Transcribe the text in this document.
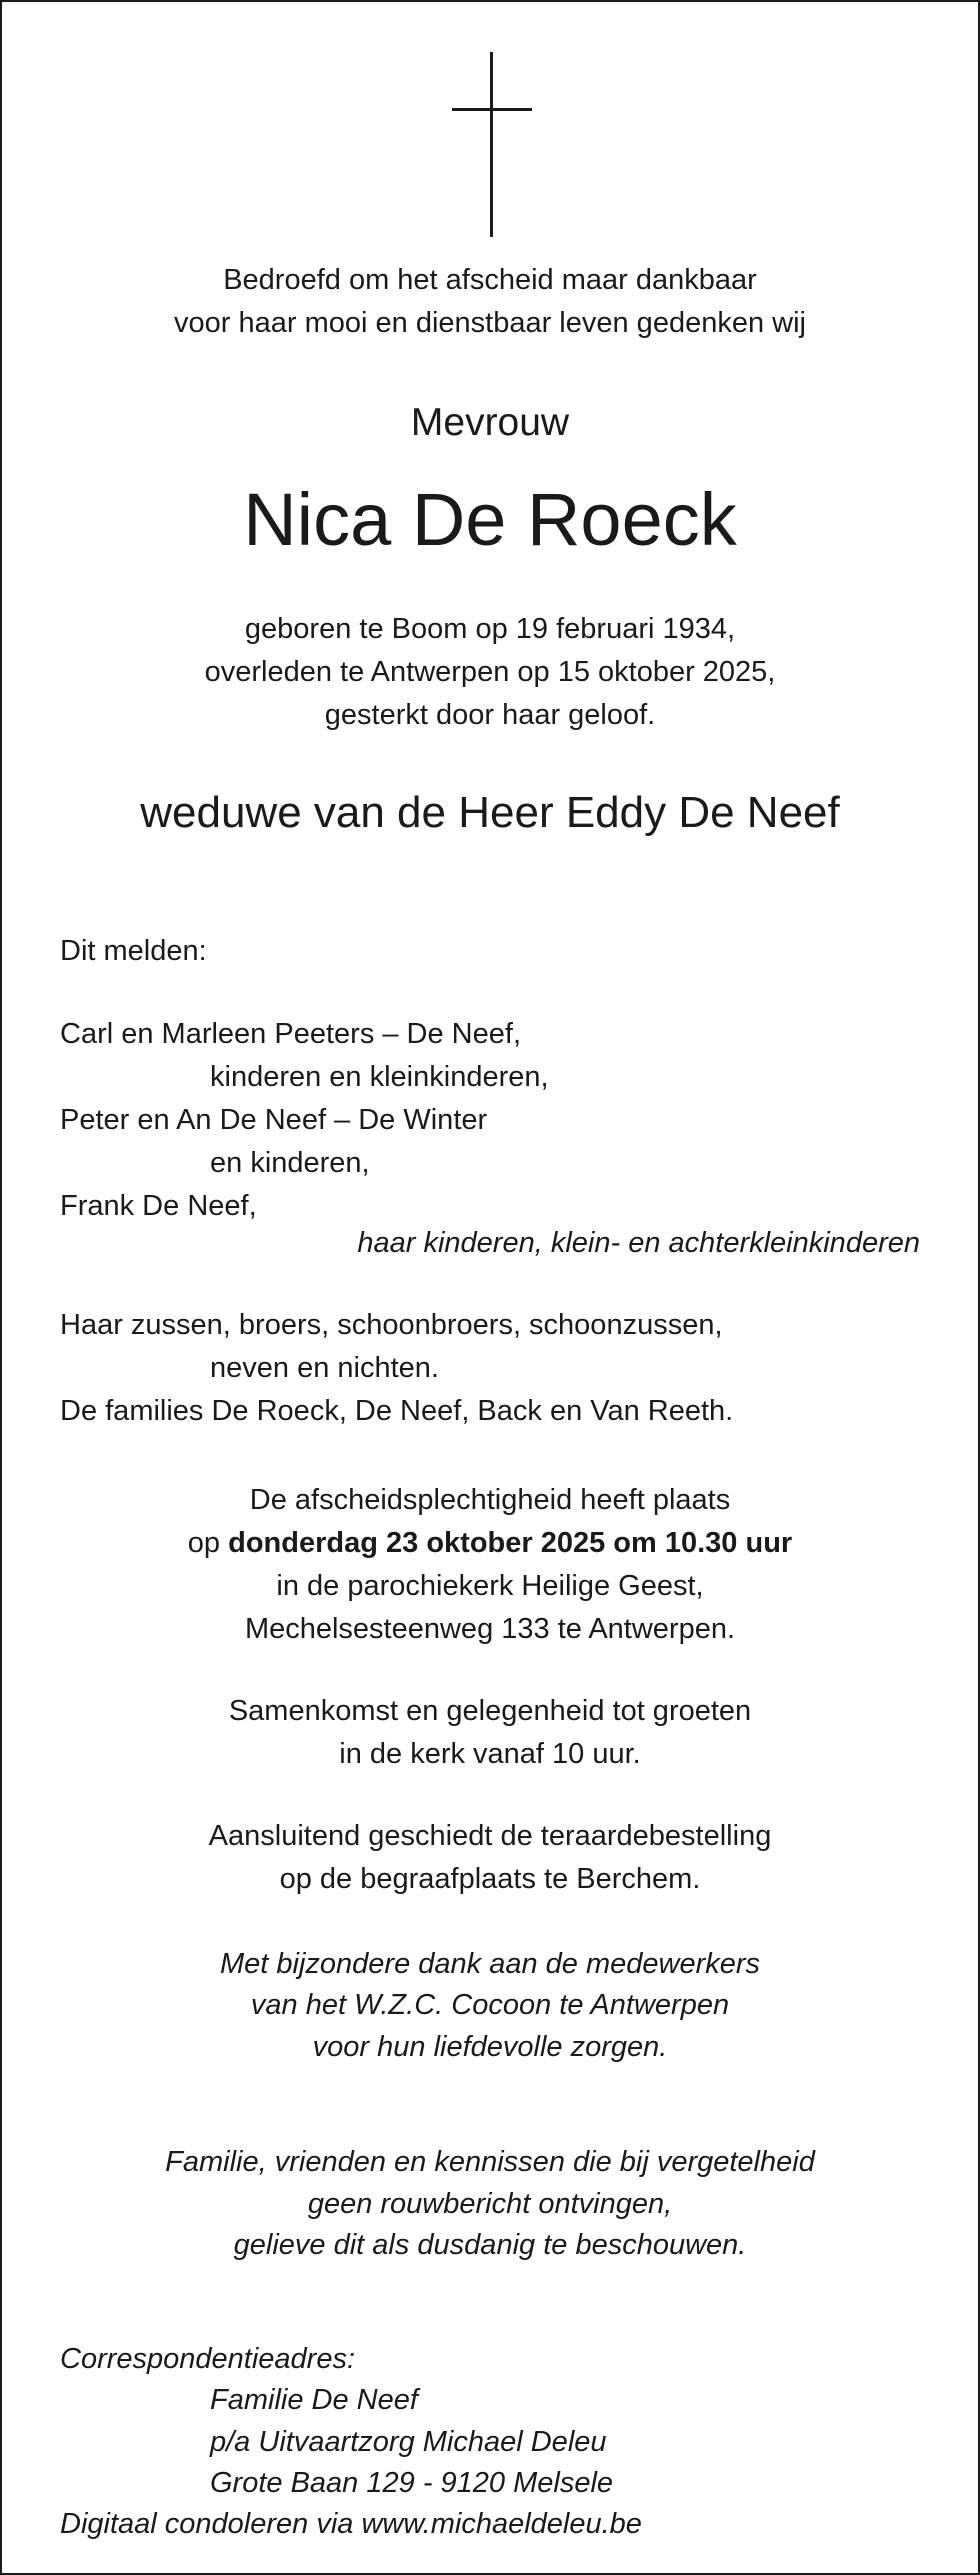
Bedroefd om het afscheid maar dankbaar
voor haar mooi en dienstbaar leven gedenken wij
Mevrouw
Nica De Roeck
geboren te Boom op 19 februari 1934,
overleden te Antwerpen op 15 oktober 2025,
gesterkt door haar geloof.
weduwe van de Heer Eddy De Neef
Dit melden:
Carl en Marleen Peeters – De Neef,
kinderen en kleinkinderen,
Peter en An De Neef – De Winter
en kinderen,
Frank De Neef,
haar kinderen, klein- en achterkleinkinderen
Haar zussen, broers, schoonbroers, schoonzussen,
neven en nichten.
De families De Roeck, De Neef, Back en Van Reeth.
De afscheidsplechtigheid heeft plaats
op donderdag 23 oktober 2025 om 10.30 uur
in de parochiekerk Heilige Geest,
Mechelsesteenweg 133 te Antwerpen.
Samenkomst en gelegenheid tot groeten
in de kerk vanaf 10 uur.
Aansluitend geschiedt de teraardebestelling
op de begraafplaats te Berchem.
Met bijzondere dank aan de medewerkers
van het W.Z.C. Cocoon te Antwerpen
voor hun liefdevolle zorgen.
Familie, vrienden en kennissen die bij vergetelheid
geen rouwbericht ontvingen,
gelieve dit als dusdanig te beschouwen.
Correspondentieadres:
Familie De Neef
p/a Uitvaartzorg Michael Deleu
Grote Baan 129 - 9120 Melsele
Digitaal condoleren via www.michaeldeleu.be
